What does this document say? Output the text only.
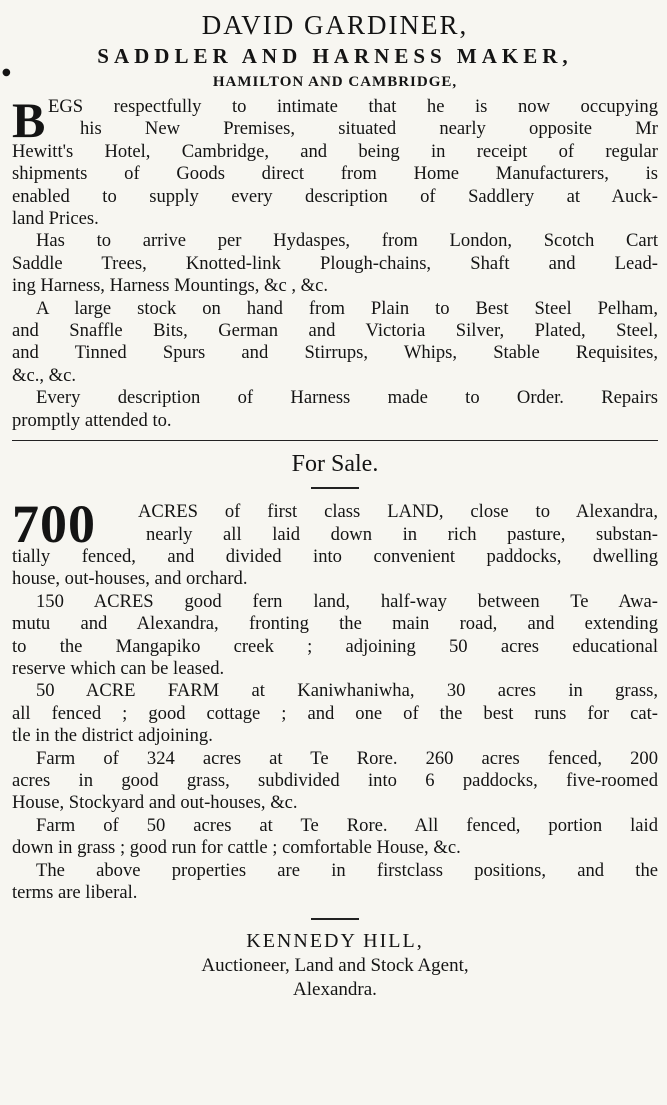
●
DAVID GARDINER,
SADDLER AND HARNESS MAKER,
HAMILTON AND CAMBRIDGE,
B EGS respectfully to intimate that he is now occupying
his New Premises, situated nearly opposite Mr
Hewitt's Hotel, Cambridge, and being in receipt of regular
shipments of Goods direct from Home Manufacturers, is
enabled to supply every description of Saddlery at Auck-
land Prices.
Has to arrive per Hydaspes, from London, Scotch Cart
Saddle Trees, Knotted-link Plough-chains, Shaft and Lead-
ing Harness, Harness Mountings, &c , &c.
A large stock on hand from Plain to Best Steel Pelham,
and Snaffle Bits, German and Victoria Silver, Plated, Steel,
and Tinned Spurs and Stirrups, Whips, Stable Requisites,
&c., &c.
Every description of Harness made to Order. Repairs
promptly attended to.
For Sale.
700	ACRES of first class LAND, close to Alexandra,
nearly all laid down in rich pasture, substan-
tially fenced, and divided into convenient paddocks, dwelling
house, out-houses, and orchard.
150 ACRES good fern land, half-way between Te Awa-
mutu and Alexandra, fronting the main road, and extending
to the Mangapiko creek ; adjoining 50 acres educational
reserve which can be leased.
50 ACRE FARM at Kaniwhaniwha, 30 acres in grass,
all fenced ; good cottage ; and one of the best runs for cat-
tle in the district adjoining.
Farm of 324 acres at Te Rore. 260 acres fenced, 200
acres in good grass, subdivided into 6 paddocks, five-roomed
House, Stockyard and out-houses, &c.
Farm of 50 acres at Te Rore. All fenced, portion laid
down in grass ; good run for cattle ; comfortable House, &c.
The above properties are in firstclass positions, and the
terms are liberal.
KENNEDY HILL,
Auctioneer, Land and Stock Agent,
Alexandra.
